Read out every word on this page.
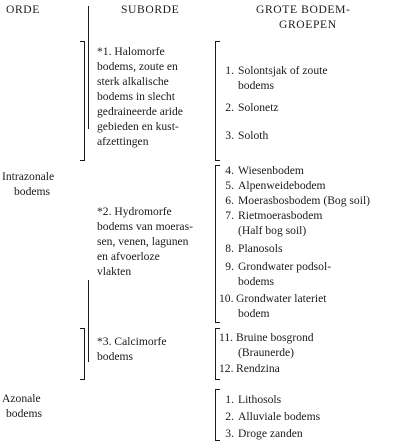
ORDE	SUBORDE	GROTE BODEM-
GROEPEN
Intrazonale
bodems
Azonale
bodems
*1. Halomorfe
bodems, zoute en
sterk alkalische
bodems in slecht
gedraineerde aride
gebieden en kust-
afzettingen
*2. Hydromorfe
bodems van moeras-
sen, venen, lagunen
en afvoerloze
vlakten
*3. Calcimorfe
bodems
1. Solontsjak of zoute
bodems
2. Solonetz
3. Soloth
4. Wiesenbodem
5. Alpenweidebodem
6. Moerasbosbodem (Bog soil)
7. Rietmoerasbodem
(Half bog soil)
8. Planosols
9. Grondwater podsol-
bodems
10. Grondwater lateriet
bodem
11. Bruine bosgrond
(Braunerde)
12. Rendzina
1. Lithosols
2. Alluviale bodems
3. Droge zanden
